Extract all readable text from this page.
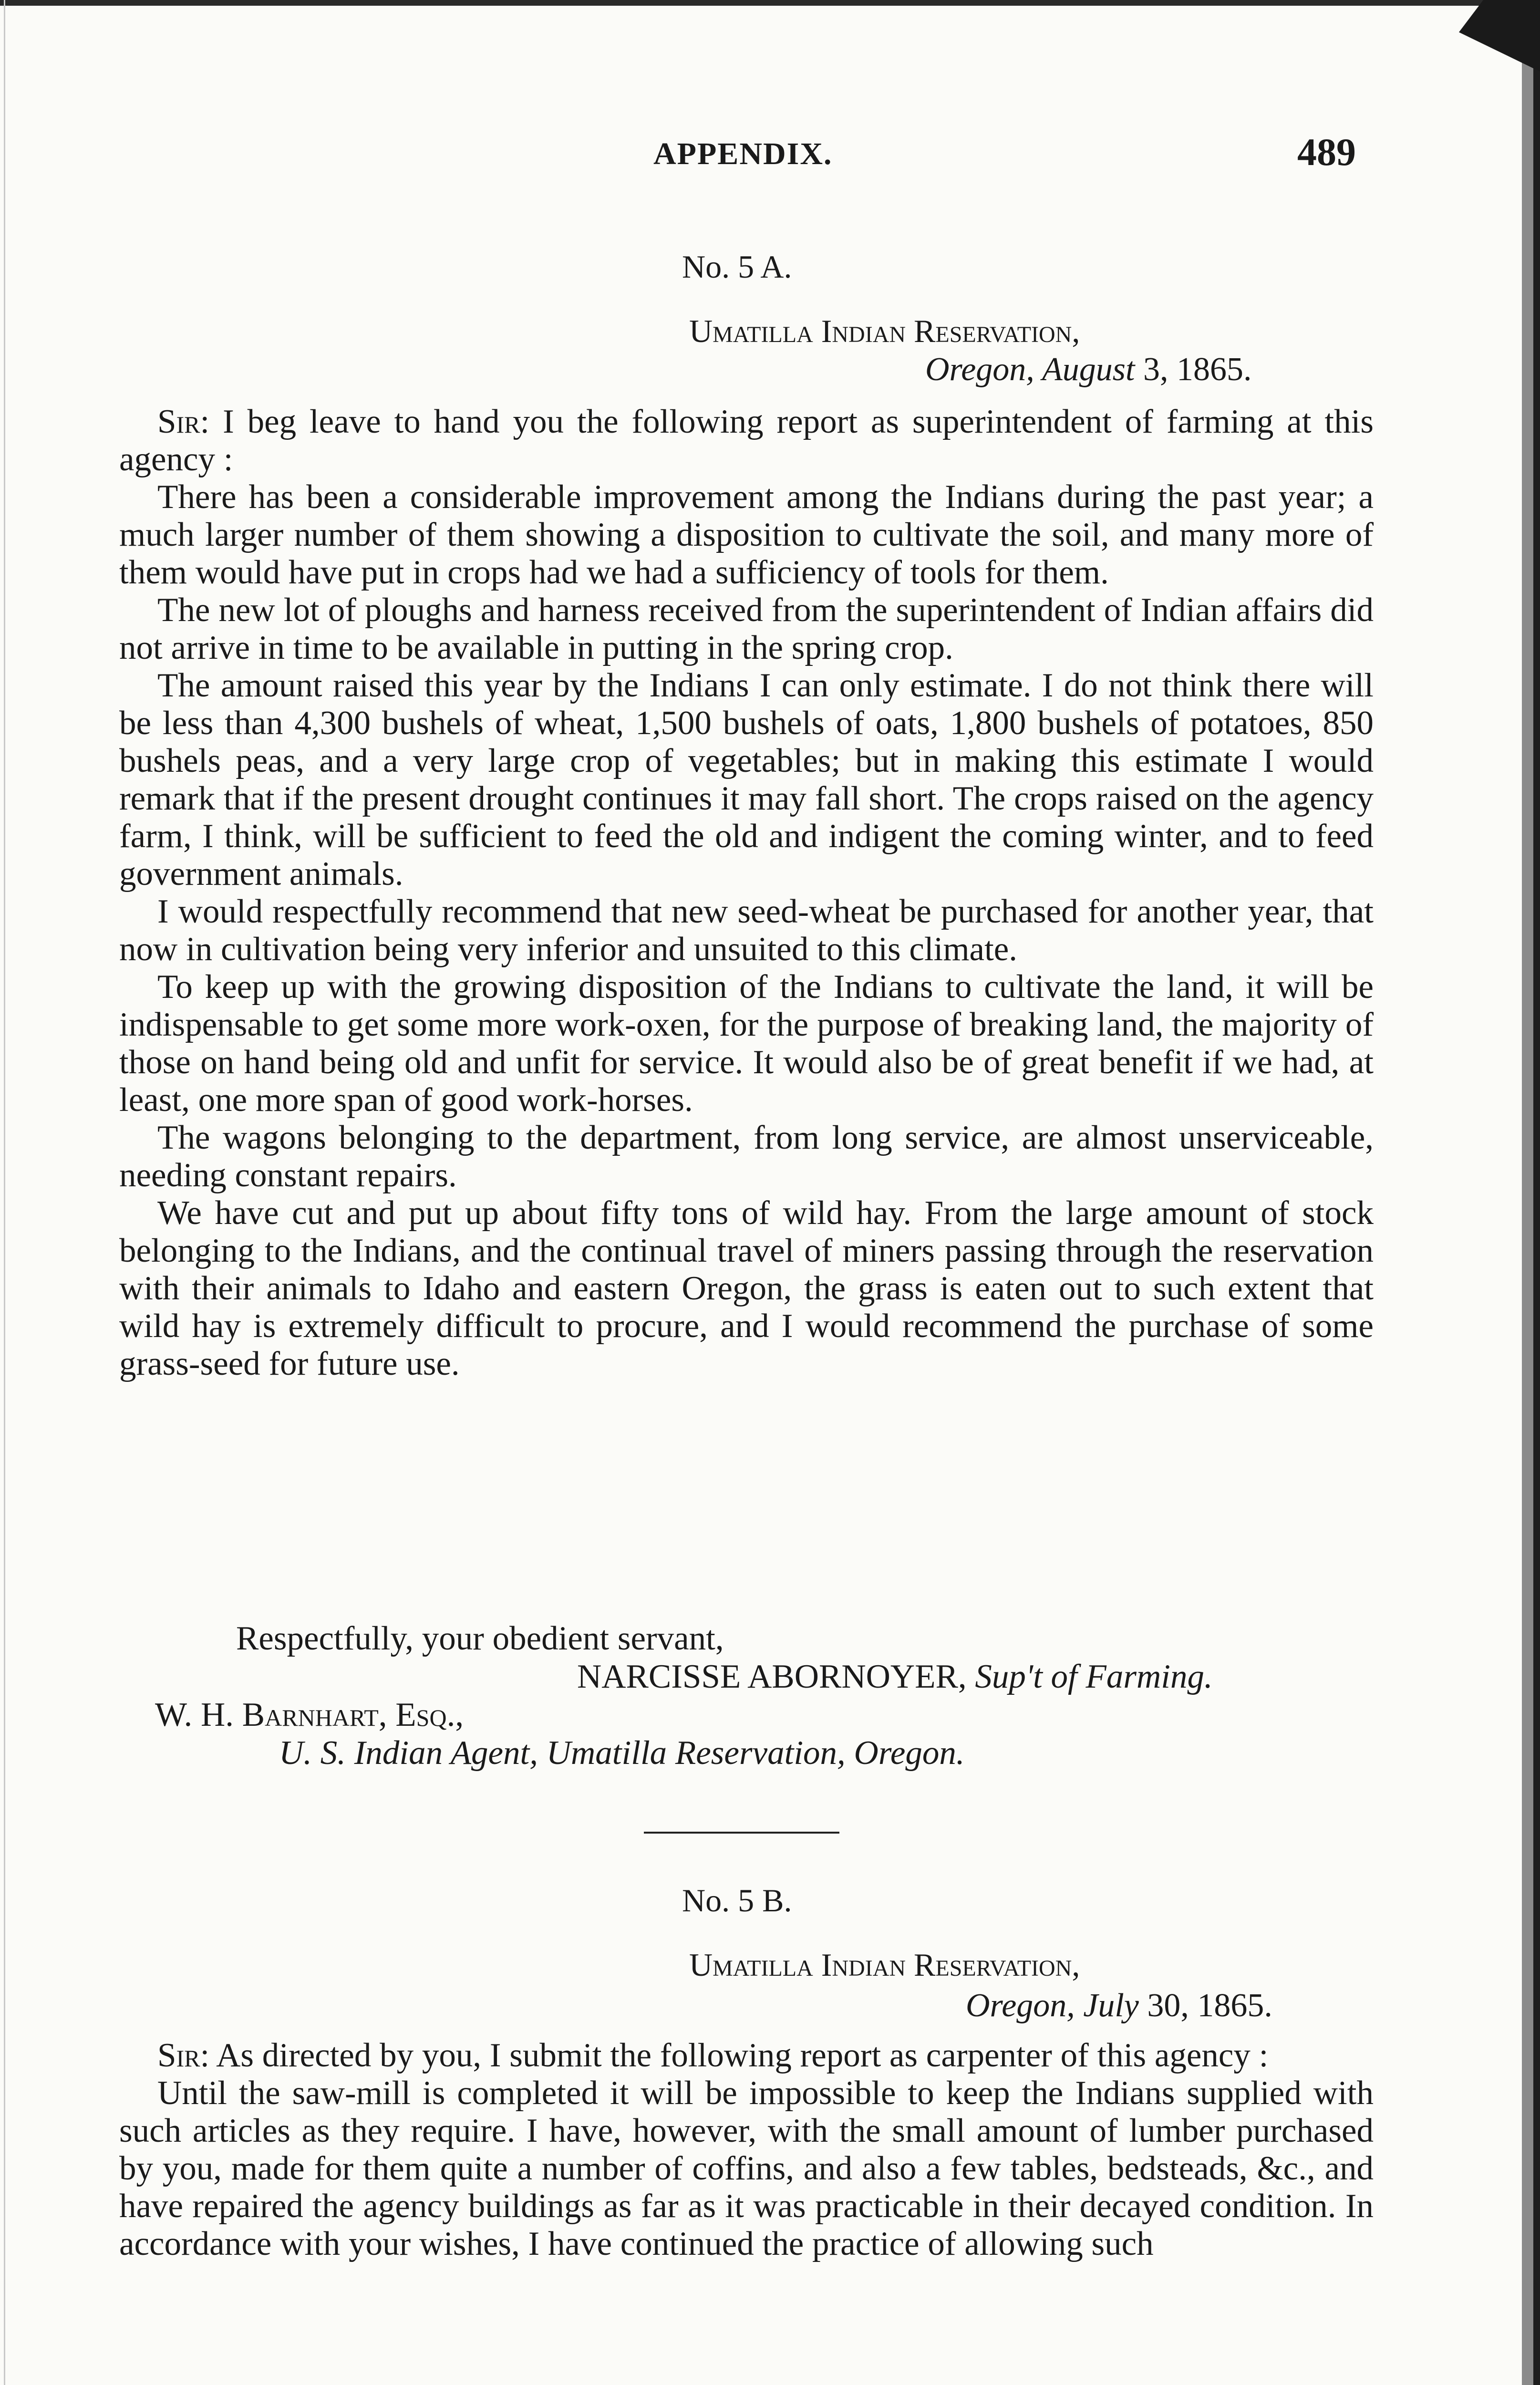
APPENDIX.	489
No. 5 A.
Umatilla Indian Reservation,
Oregon, August 3, 1865.

Sir: I beg leave to hand you the following report as superintendent of farming at this agency :

There has been a considerable improvement among the Indians during the past year; a much larger number of them showing a disposition to cultivate the soil, and many more of them would have put in crops had we had a sufficiency of tools for them.

The new lot of ploughs and harness received from the superintendent of Indian affairs did not arrive in time to be available in putting in the spring crop.

The amount raised this year by the Indians I can only estimate. I do not think there will be less than 4,300 bushels of wheat, 1,500 bushels of oats, 1,800 bushels of potatoes, 850 bushels peas, and a very large crop of vegetables; but in making this estimate I would remark that if the present drought continues it may fall short. The crops raised on the agency farm, I think, will be sufficient to feed the old and indigent the coming winter, and to feed government animals.

I would respectfully recommend that new seed-wheat be purchased for another year, that now in cultivation being very inferior and unsuited to this climate.

To keep up with the growing disposition of the Indians to cultivate the land, it will be indispensable to get some more work-oxen, for the purpose of breaking land, the majority of those on hand being old and unfit for service. It would also be of great benefit if we had, at least, one more span of good work-horses.

The wagons belonging to the department, from long service, are almost unserviceable, needing constant repairs.

We have cut and put up about fifty tons of wild hay. From the large amount of stock belonging to the Indians, and the continual travel of miners passing through the reservation with their animals to Idaho and eastern Oregon, the grass is eaten out to such extent that wild hay is extremely difficult to procure, and I would recommend the purchase of some grass-seed for future use.

Respectfully, your obedient servant,
NARCISSE ABORNOYER, Sup't of Farming.
W. H. Barnhart, Esq.,
U. S. Indian Agent, Umatilla Reservation, Oregon.
No. 5 B.
Umatilla Indian Reservation,
Oregon, July 30, 1865.

Sir: As directed by you, I submit the following report as carpenter of this agency :

Until the saw-mill is completed it will be impossible to keep the Indians supplied with such articles as they require. I have, however, with the small amount of lumber purchased by you, made for them quite a number of coffins, and also a few tables, bedsteads, &c., and have repaired the agency buildings as far as it was practicable in their decayed condition. In accordance with your wishes, I have continued the practice of allowing such
